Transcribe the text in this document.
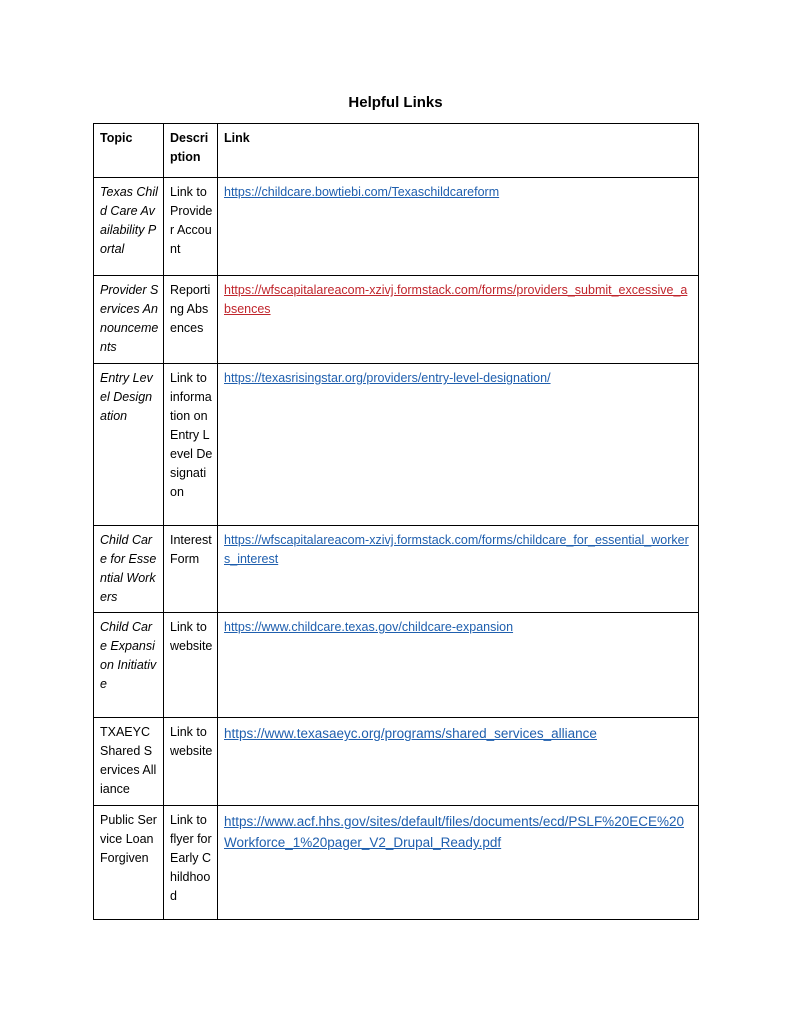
Helpful Links
Topic	Description	Link
Texas Child Care Availability Portal	Link to Provider Account	https://childcare.bowtiebi.com/Texaschildcareform
Provider Services Announcements	Reporting Absences	https://wfscapitalareacom-xzivj.formstack.com/forms/providers_submit_excessive_absences
Entry Level Designation	Link to information on Entry Level Designation	https://texasrisingstar.org/providers/entry-level-designation/
Child Care for Essential Workers	Interest Form	https://wfscapitalareacom-xzivj.formstack.com/forms/childcare_for_essential_workers_interest
Child Care Expansion Initiative	Link to website	https://www.childcare.texas.gov/childcare-expansion
TXAEYC Shared Services Alliance	Link to website	https://www.texasaeyc.org/programs/shared_services_alliance
Public Service Loan Forgiven	Link to flyer for Early Childhood	https://www.acf.hhs.gov/sites/default/files/documents/ecd/PSLF%20ECE%20Workforce_1%20pager_V2_Drupal_Ready.pdf
